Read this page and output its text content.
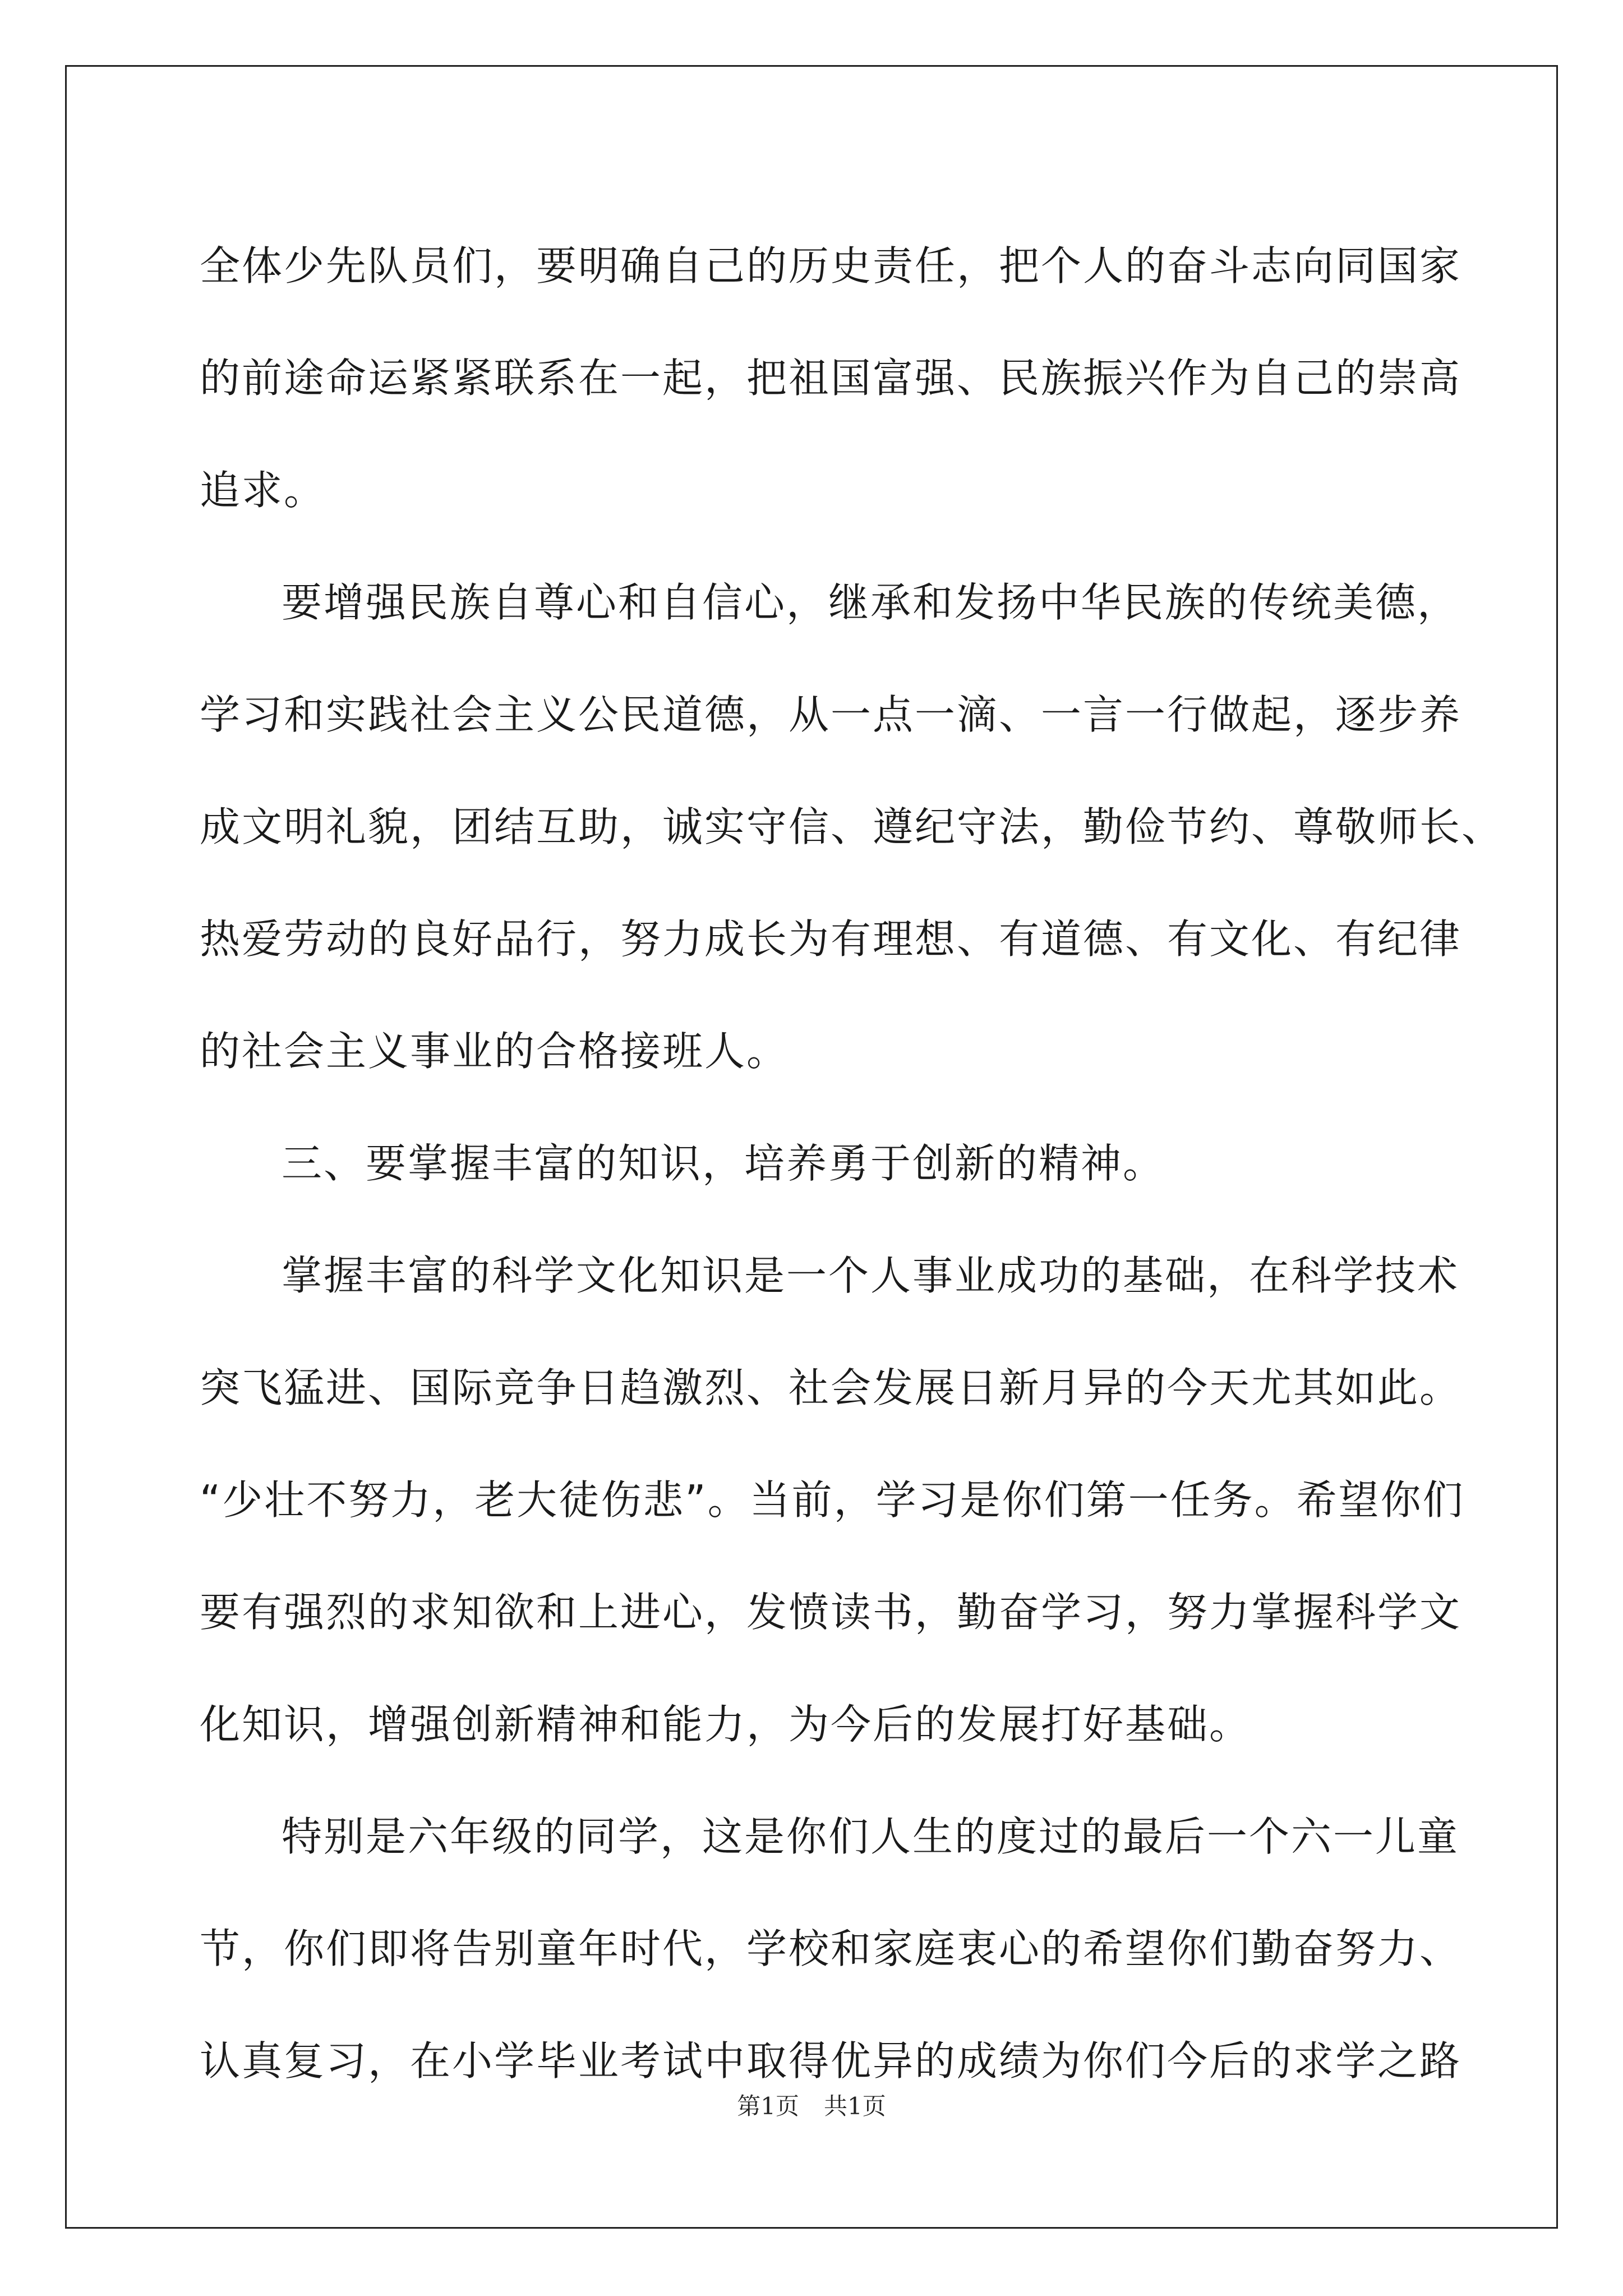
全体少先队员们，要明确自己的历史责任，把个人的奋斗志向同国家
的前途命运紧紧联系在一起，把祖国富强、民族振兴作为自己的崇高
追求。
要增强民族自尊心和自信心，继承和发扬中华民族的传统美德，
学习和实践社会主义公民道德，从一点一滴、一言一行做起，逐步养
成文明礼貌，团结互助，诚实守信、遵纪守法，勤俭节约、尊敬师长、
热爱劳动的良好品行，努力成长为有理想、有道德、有文化、有纪律
的社会主义事业的合格接班人。
三、要掌握丰富的知识，培养勇于创新的精神。
掌握丰富的科学文化知识是一个人事业成功的基础，在科学技术
突飞猛进、国际竞争日趋激烈、社会发展日新月异的今天尤其如此。
“少壮不努力，老大徒伤悲”。当前，学习是你们第一任务。希望你们
要有强烈的求知欲和上进心，发愤读书，勤奋学习，努力掌握科学文
化知识，增强创新精神和能力，为今后的发展打好基础。
特别是六年级的同学，这是你们人生的度过的最后一个六一儿童
节，你们即将告别童年时代，学校和家庭衷心的希望你们勤奋努力、
认真复习，在小学毕业考试中取得优异的成绩为你们今后的求学之路
第1页 共1页
